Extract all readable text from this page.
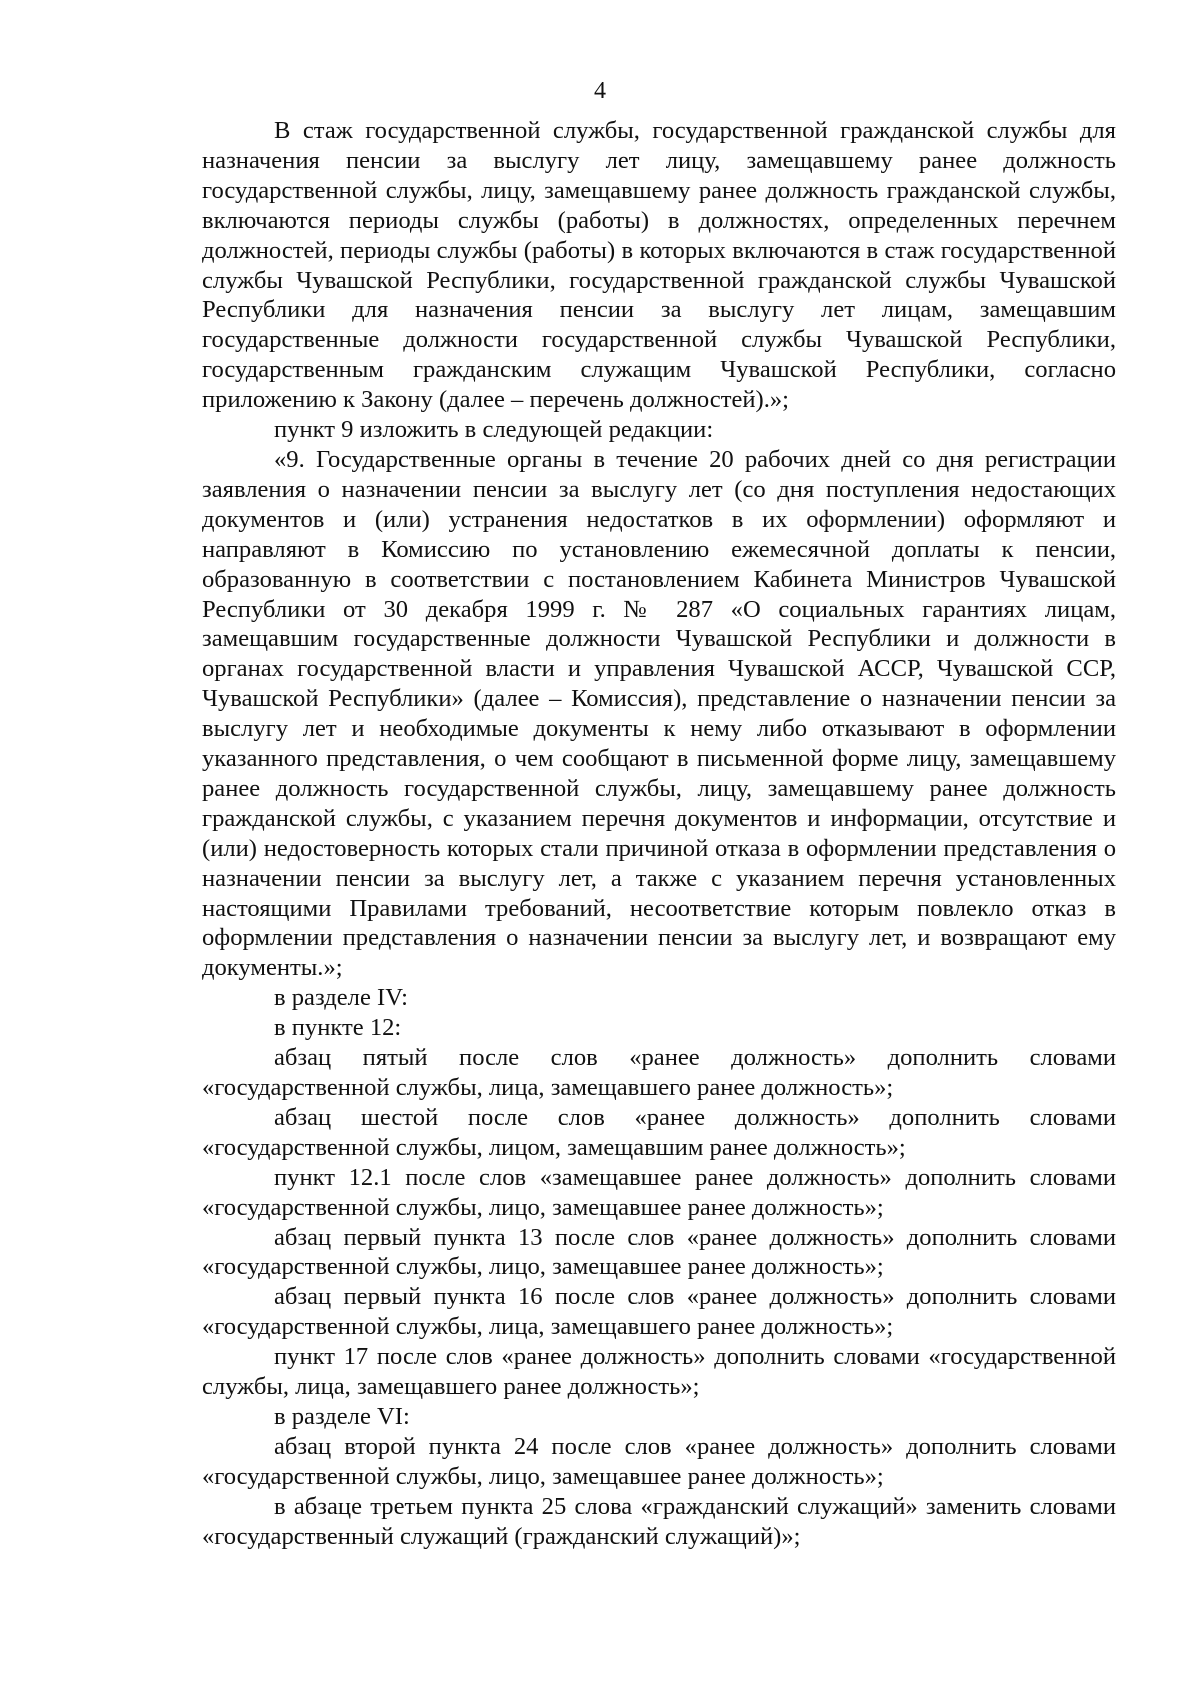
4

В стаж государственной службы, государственной гражданской службы для назначения пенсии за выслугу лет лицу, замещавшему ранее должность государственной службы, лицу, замещавшему ранее должность гражданской службы, включаются периоды службы (работы) в должностях, определенных перечнем должностей, периоды службы (работы) в которых включаются в стаж государственной службы Чувашской Республики, государственной гражданской службы Чувашской Республики для назначения пенсии за выслугу лет лицам, замещавшим государственные должности государственной службы Чувашской Республики, государственным гражданским служащим Чувашской Республики, согласно приложению к Закону (далее – перечень должностей).»;

пункт 9 изложить в следующей редакции:

«9. Государственные органы в течение 20 рабочих дней со дня регистрации заявления о назначении пенсии за выслугу лет (со дня поступления недостающих документов и (или) устранения недостатков в их оформлении) оформляют и направляют в Комиссию по установлению ежемесячной доплаты к пенсии, образованную в соответствии с постановлением Кабинета Министров Чувашской Республики от 30 декабря 1999 г. № 287 «О социальных гарантиях лицам, замещавшим государственные должности Чувашской Республики и должности в органах государственной власти и управления Чувашской АССР, Чувашской ССР, Чувашской Республики» (далее – Комиссия), представление о назначении пенсии за выслугу лет и необходимые документы к нему либо отказывают в оформлении указанного представления, о чем сообщают в письменной форме лицу, замещавшему ранее должность государственной службы, лицу, замещавшему ранее должность гражданской службы, с указанием перечня документов и информации, отсутствие и (или) недостоверность которых стали причиной отказа в оформлении представления о назначении пенсии за выслугу лет, а также с указанием перечня установленных настоящими Правилами требований, несоответствие которым повлекло отказ в оформлении представления о назначении пенсии за выслугу лет, и возвращают ему документы.»;

в разделе IV:

в пункте 12:

абзац пятый после слов «ранее должность» дополнить словами «государственной службы, лица, замещавшего ранее должность»;

абзац шестой после слов «ранее должность» дополнить словами «государственной службы, лицом, замещавшим ранее должность»;

пункт 12.1 после слов «замещавшее ранее должность» дополнить словами «государственной службы, лицо, замещавшее ранее должность»;

абзац первый пункта 13 после слов «ранее должность» дополнить словами «государственной службы, лицо, замещавшее ранее должность»;

абзац первый пункта 16 после слов «ранее должность» дополнить словами «государственной службы, лица, замещавшего ранее должность»;

пункт 17 после слов «ранее должность» дополнить словами «государственной службы, лица, замещавшего ранее должность»;

в разделе VI:

абзац второй пункта 24 после слов «ранее должность» дополнить словами «государственной службы, лицо, замещавшее ранее должность»;

в абзаце третьем пункта 25 слова «гражданский служащий» заменить словами «государственный служащий (гражданский служащий)»;
